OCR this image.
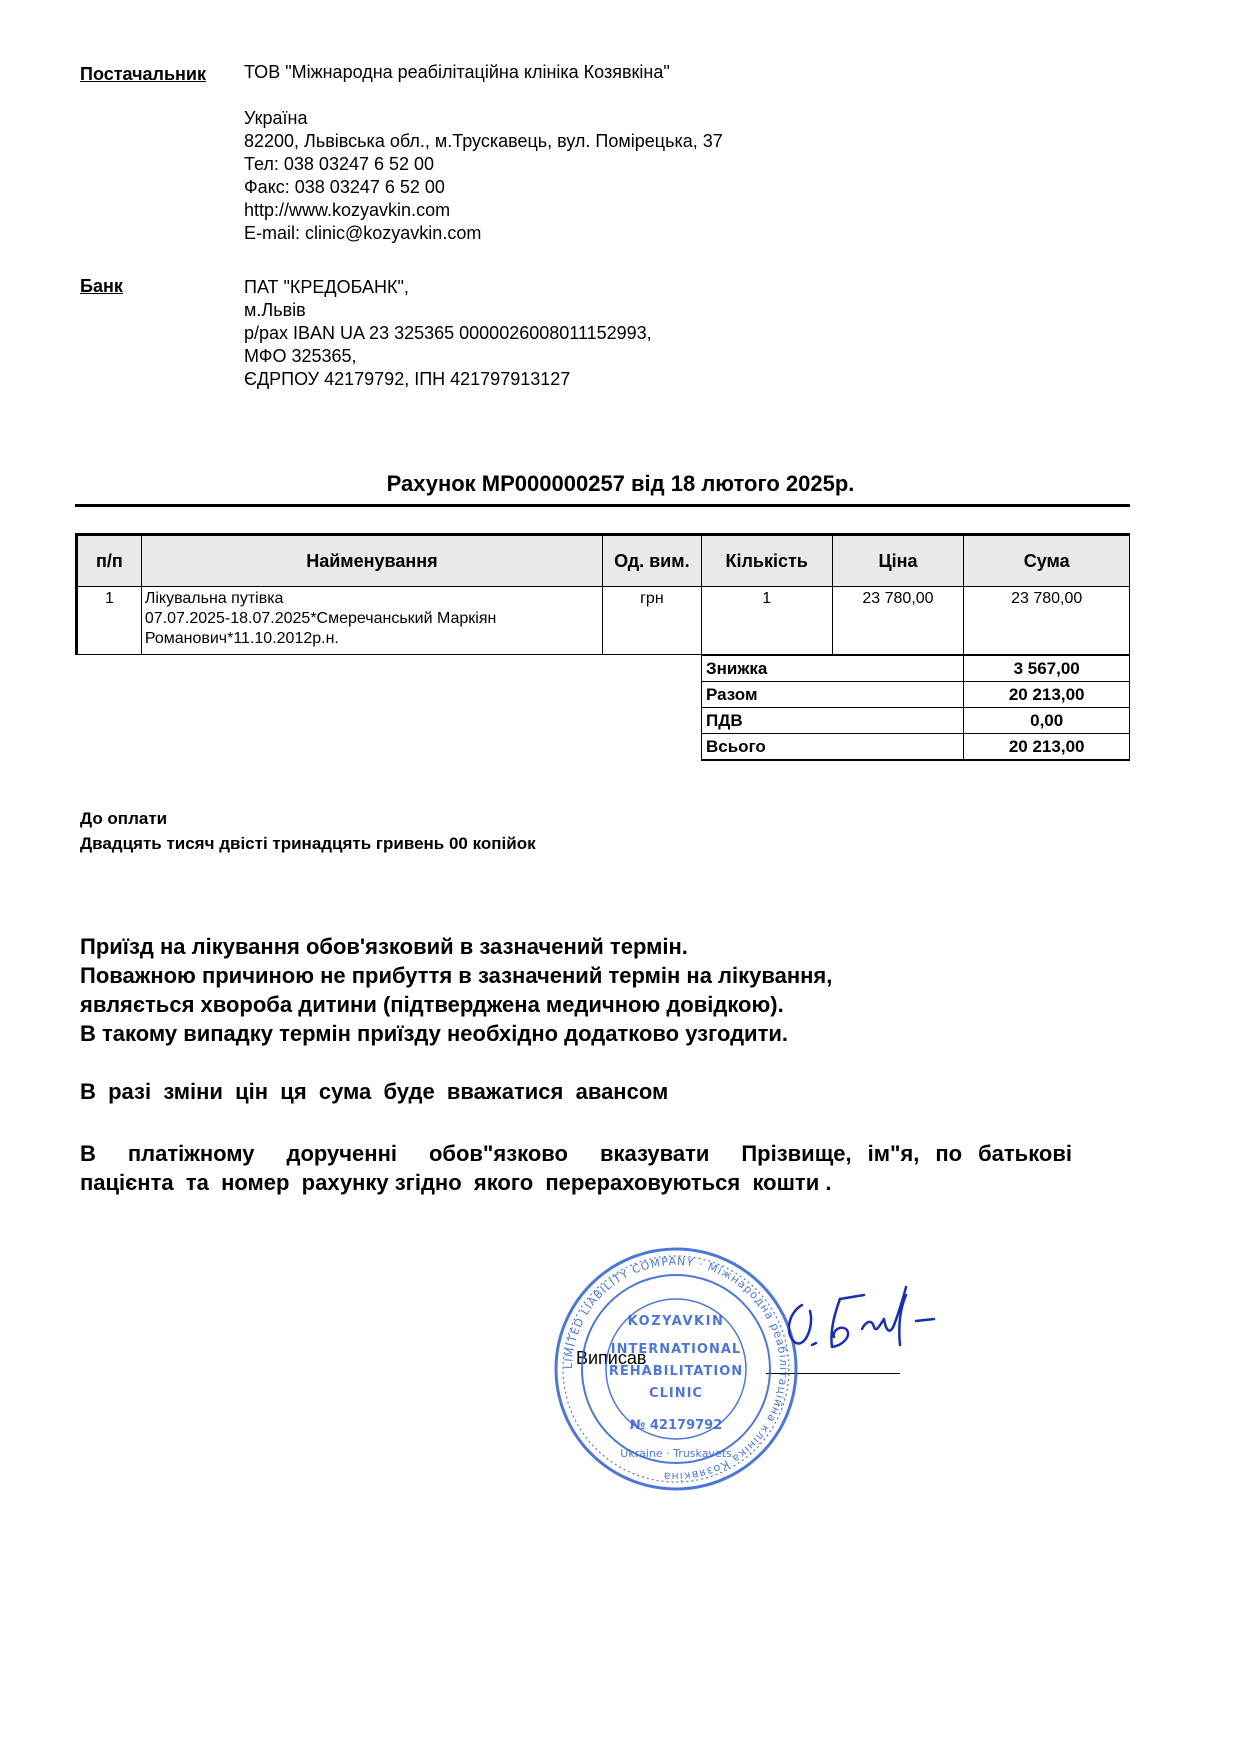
Постачальник ТОВ "Міжнародна реабілітаційна клініка Козявкіна"
Україна
82200, Львівська обл., м.Трускавець, вул. Помірецька, 37
Тел: 038 03247 6 52 00
Факс: 038 03247 6 52 00
http://www.kozyavkin.com
E-mail: clinic@kozyavkin.com
Банк	ПАТ "КРЕДОБАНК",
м.Львів
р/рах IBAN UA 23 325365 0000026008011152993,
МФО 325365,
ЄДРПОУ 42179792, ІПН 421797913127
Рахунок МР000000257 від 18 лютого 2025р.
п/п	Найменування	Од. вим.	Кількість	Ціна	Сума
1	Лікувальна путівка
07.07.2025-18.07.2025*Смеречанський Маркіян
Романович*11.10.2012р.н.	грн	1	23 780,00	23 780,00
Знижка	3 567,00
Разом	20 213,00
ПДВ	0,00
Всього	20 213,00
До оплати
Двадцять тисяч двісті тринадцять гривень 00 копійок
Приїзд на лікування обов'язковий в зазначений термін.
Поважною причиною не прибуття в зазначений термін на лікування,
являється хвороба дитини (підтверджена медичною довідкою).
В такому випадку термін приїзду необхідно додатково узгодити.
В  разі  зміни  цін  ця  сума  буде  вважатися  авансом
В  платіжному  дорученні  обов"язково  вказувати  Прізвище, ім"я, по батькові
пацієнта  та  номер  рахунку згідно  якого  перераховуються  кошти .
Виписав
LIMITED LIABILITY COMPANY · Міжнародна реабілітаційна клініка Козявкіна
KOZYAVKIN
INTERNATIONAL
REHABILITATION
CLINIC
№ 42179792
Ukraine · Truskavets
